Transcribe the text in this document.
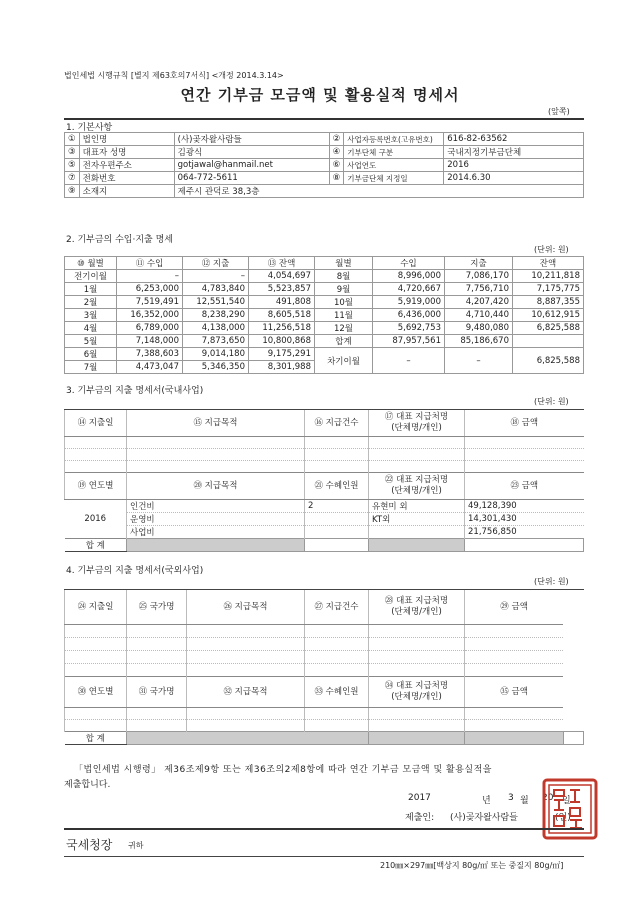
법인세법 시행규칙 [별지 제63호의7서식] <개정 2014.3.14>
연간 기부금 모금액 및 활용실적 명세서
(앞쪽)
1. 기본사항
①	법인명	(사)곶자왈사람들	②	사업자등록번호(고유번호)	616-82-63562
③	대표자 성명	김광식	④	기부단체 구분	국내지정기부금단체
⑤	전자우편주소	gotjawal@hanmail.net	⑥	사업연도	2016
⑦	전화번호	064-772-5611	⑧	기부금단체 지정일	2014.6.30
⑨	소재지	제주시 관덕로 38,3층			
2. 기부금의 수입·지출 명세
(단위: 원)
⑩ 월별	⑪ 수입	⑫ 지출	⑬ 잔액	월별	수입	지출	잔액
전기이월	–	–	4,054,697	8월	8,996,000	7,086,170	10,211,818
1월	6,253,000	4,783,840	5,523,857	9월	4,720,667	7,756,710	7,175,775
2월	7,519,491	12,551,540	491,808	10월	5,919,000	4,207,420	8,887,355
3월	16,352,000	8,238,290	8,605,518	11월	6,436,000	4,710,440	10,612,915
4월	6,789,000	4,138,000	11,256,518	12월	5,692,753	9,480,080	6,825,588
5월	7,148,000	7,873,650	10,800,868	합계	87,957,561	85,186,670	
6월	7,388,603	9,014,180	9,175,291	차기이월	–	–	6,825,588
7월	4,473,047	5,346,350	8,301,988				
3. 기부금의 지출 명세서(국내사업)
(단위: 원)
⑭ 지출일	⑮ 지급목적	⑯ 지급건수	⑰ 대표 지급처명
(단체명/개인)	⑱ 금액

⑲ 연도별	⑳ 지급목적	㉑ 수혜인원	㉒ 대표 지급처명
(단체명/개인)	㉓ 금액

2016	인건비	2	유현미 외	49,128,390
	운영비		KT외	14,301,430
	사업비			21,756,850
합 계				
4. 기부금의 지출 명세서(국외사업)
(단위: 원)
㉔ 지출일	㉕ 국가명	㉖ 지급목적	㉗ 지급건수	㉘ 대표 지급처명
(단체명/개인)	㉙ 금액	

㉚ 연도별	㉛ 국가명	㉜ 지급목적	㉝ 수혜인원	㉞ 대표 지급처명
(단체명/개인)	㉟ 금액	

합 계						
「법인세법 시행령」 제36조제9항 또는 제36조의2제8항에 따라 연간 기부금 모금액 및 활용실적을
제출합니다.
2017	년 3 월 20 일
제출인: (사)곶자왈사람들	(인)
국세청장 귀하
210㎜×297㎜[백상지 80g/㎡ 또는 중질지 80g/㎡]
